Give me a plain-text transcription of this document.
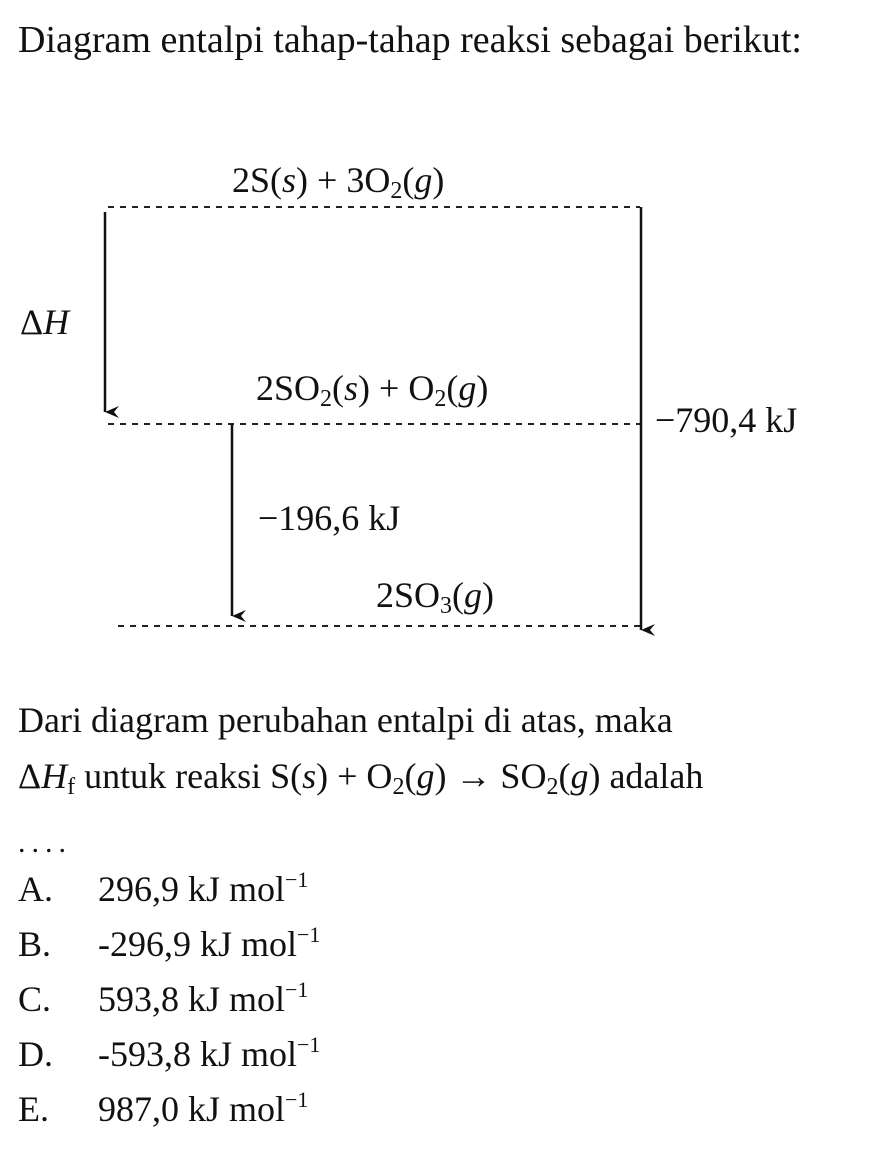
Diagram entalpi tahap-tahap reaksi sebagai berikut:
$2S(s) + 3O_2(g)$
ΔH
$2SO_2(s) + O_2(g)$
−790,4 kJ
−196,6 kJ
$2SO_3(g)$
Dari diagram perubahan entalpi di atas, maka
$\Delta H_f$ untuk reaksi $S(s) + O_2(g) \to SO_2(g)$ adalah
....
A.	296,9 kJ mol$^{-1}$
B.	-296,9 kJ mol$^{-1}$
C.	593,8 kJ mol$^{-1}$
D.	-593,8 kJ mol$^{-1}$
E.	987,0 kJ mol$^{-1}$
